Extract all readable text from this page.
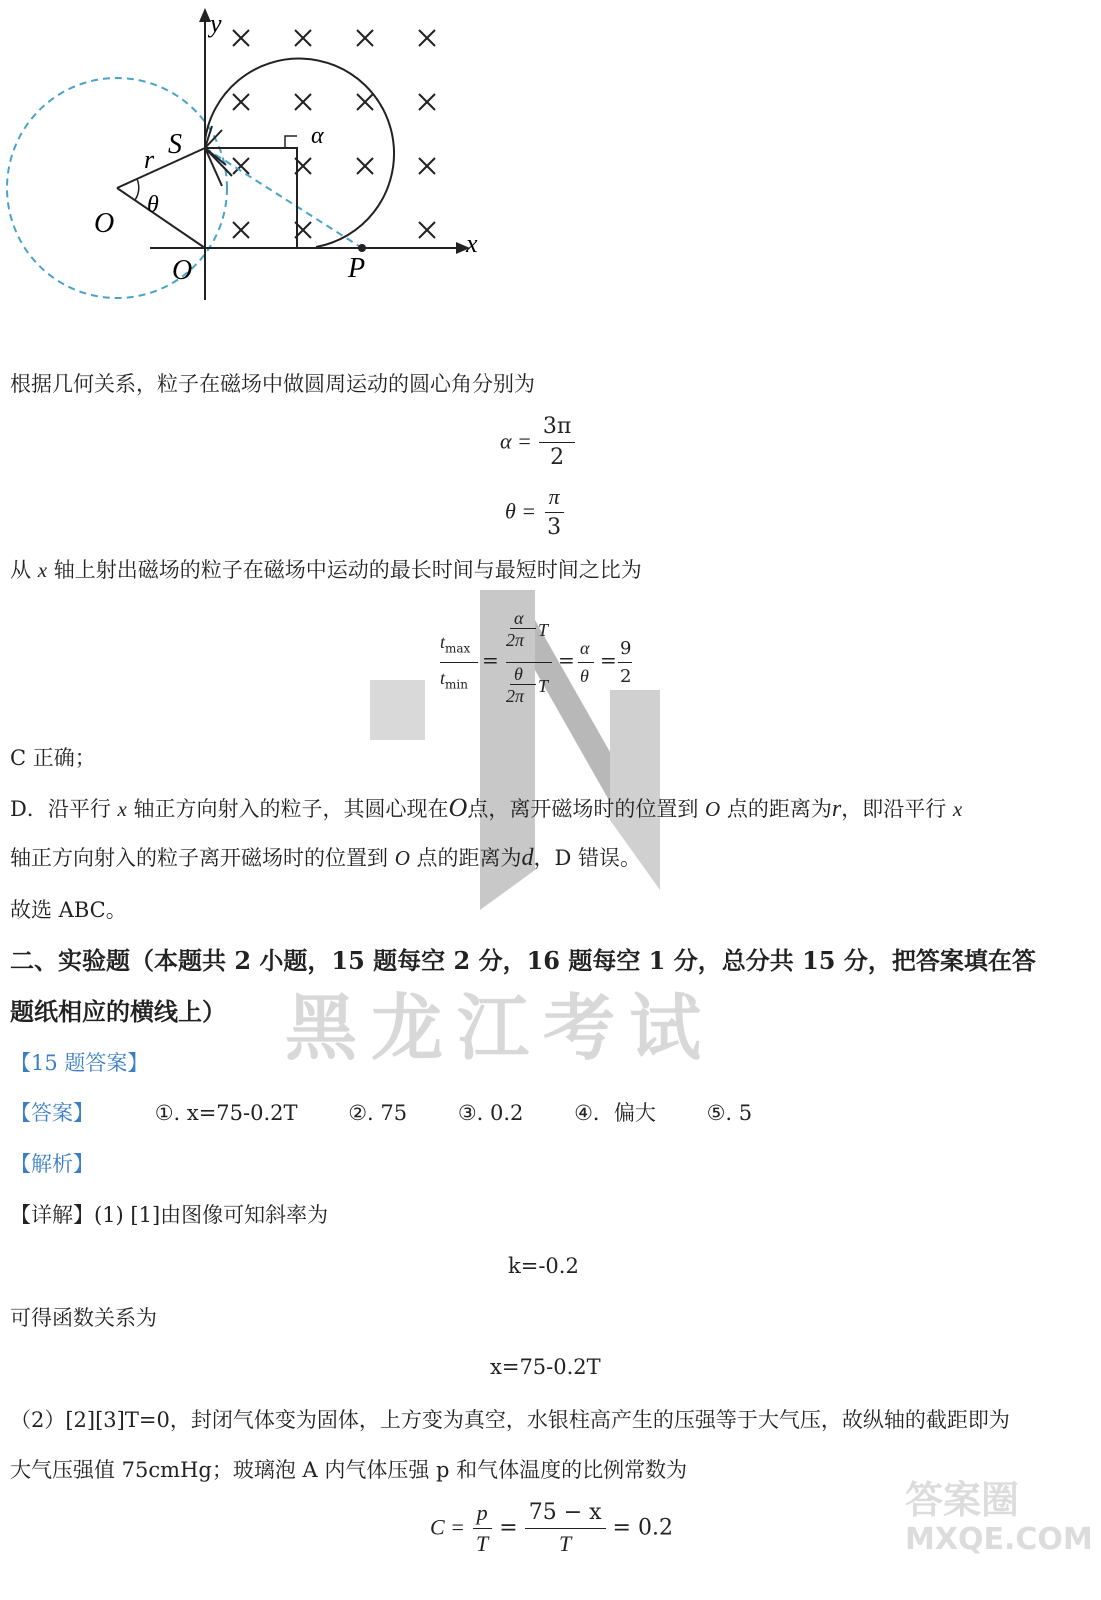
y
x
S
r
O
θ
O	P
α
根据几何关系，粒子在磁场中做圆周运动的圆心角分别为
$\alpha = \frac{3\pi}{2}$
$\theta = \frac{\pi}{3}$
从 x 轴上射出磁场的粒子在磁场中运动的最长时间与最短时间之比为
$t_{max}$
$t_{min}$
=
α
2π T
θ
2π T
= α
θ
= 9
2
C 正确；
D．沿平行 x 轴正方向射入的粒子，其圆心现在O点，离开磁场时的位置到 O 点的距离为r，即沿平行 x
轴正方向射入的粒子离开磁场时的位置到 O 点的距离为d，D 错误。
故选 ABC。
二、实验题（本题共 2 小题，15 题每空 2 分，16 题每空 1 分，总分共 15 分，把答案填在答
题纸相应的横线上）
【15 题答案】
【答案】	①. x=75-0.2T ②. 75 ③. 0.2 ④．偏大 ⑤. 5
【解析】
【详解】(1) [1]由图像可知斜率为
k=-0.2
可得函数关系为
x=75-0.2T
（2）[2][3]T=0，封闭气体变为固体，上方变为真空，水银柱高产生的压强等于大气压，故纵轴的截距即为
大气压强值 75cmHg；玻璃泡 A 内气体压强 p 和气体温度的比例常数为
$C = \frac{p}{T} = \frac{75 - x}{T} = 0.2$
黑龙江考试
答案圈
MXQE.COM
